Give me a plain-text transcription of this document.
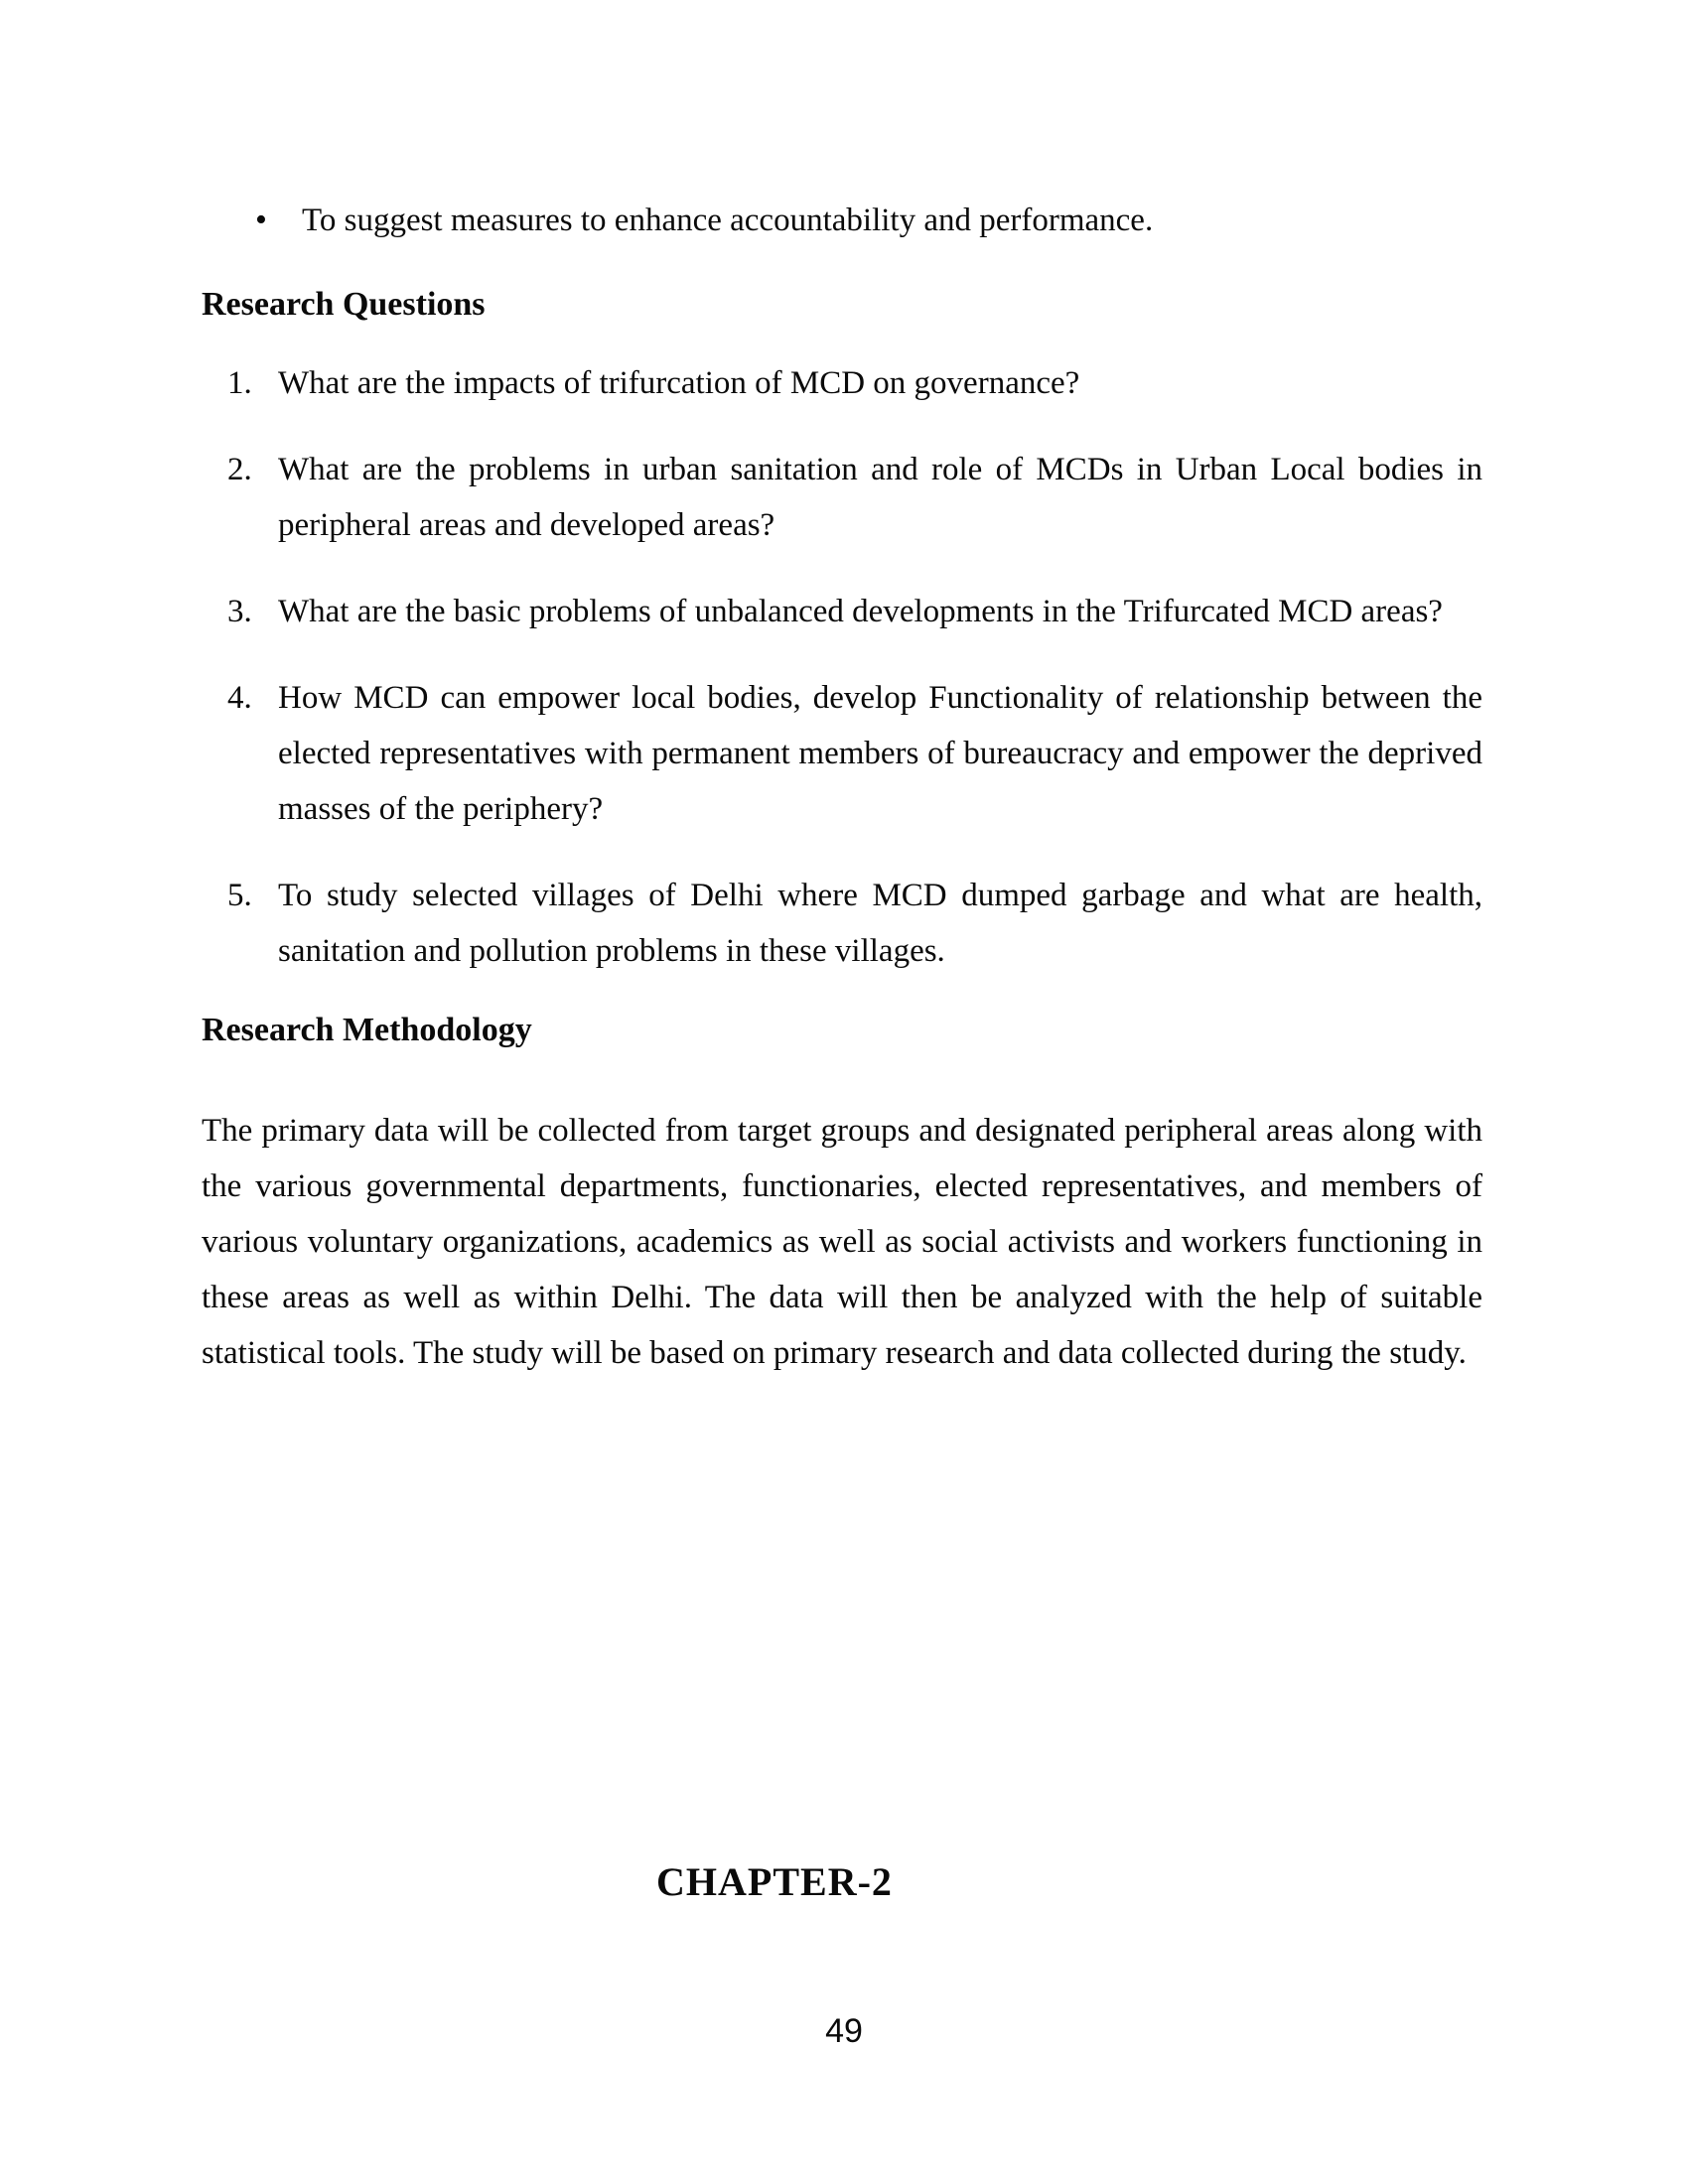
•	To suggest measures to enhance accountability and performance.
Research Questions
1. What are the impacts of trifurcation of MCD on governance?
2. What are the problems in urban sanitation and role of MCDs in Urban Local bodies in peripheral areas and developed areas?
3. What are the basic problems of unbalanced developments in the Trifurcated MCD areas?
4. How MCD can empower local bodies, develop Functionality of relationship between the elected representatives with permanent members of bureaucracy and empower the deprived masses of the periphery?
5. To study selected villages of Delhi where MCD dumped garbage and what are health, sanitation and pollution problems in these villages.
Research Methodology

The primary data will be collected from target groups and designated peripheral areas along with the various governmental departments, functionaries, elected representatives, and members of various voluntary organizations, academics as well as social activists and workers functioning in these areas as well as within Delhi. The data will then be analyzed with the help of suitable statistical tools. The study will be based on primary research and data collected during the study.

CHAPTER-2
49
